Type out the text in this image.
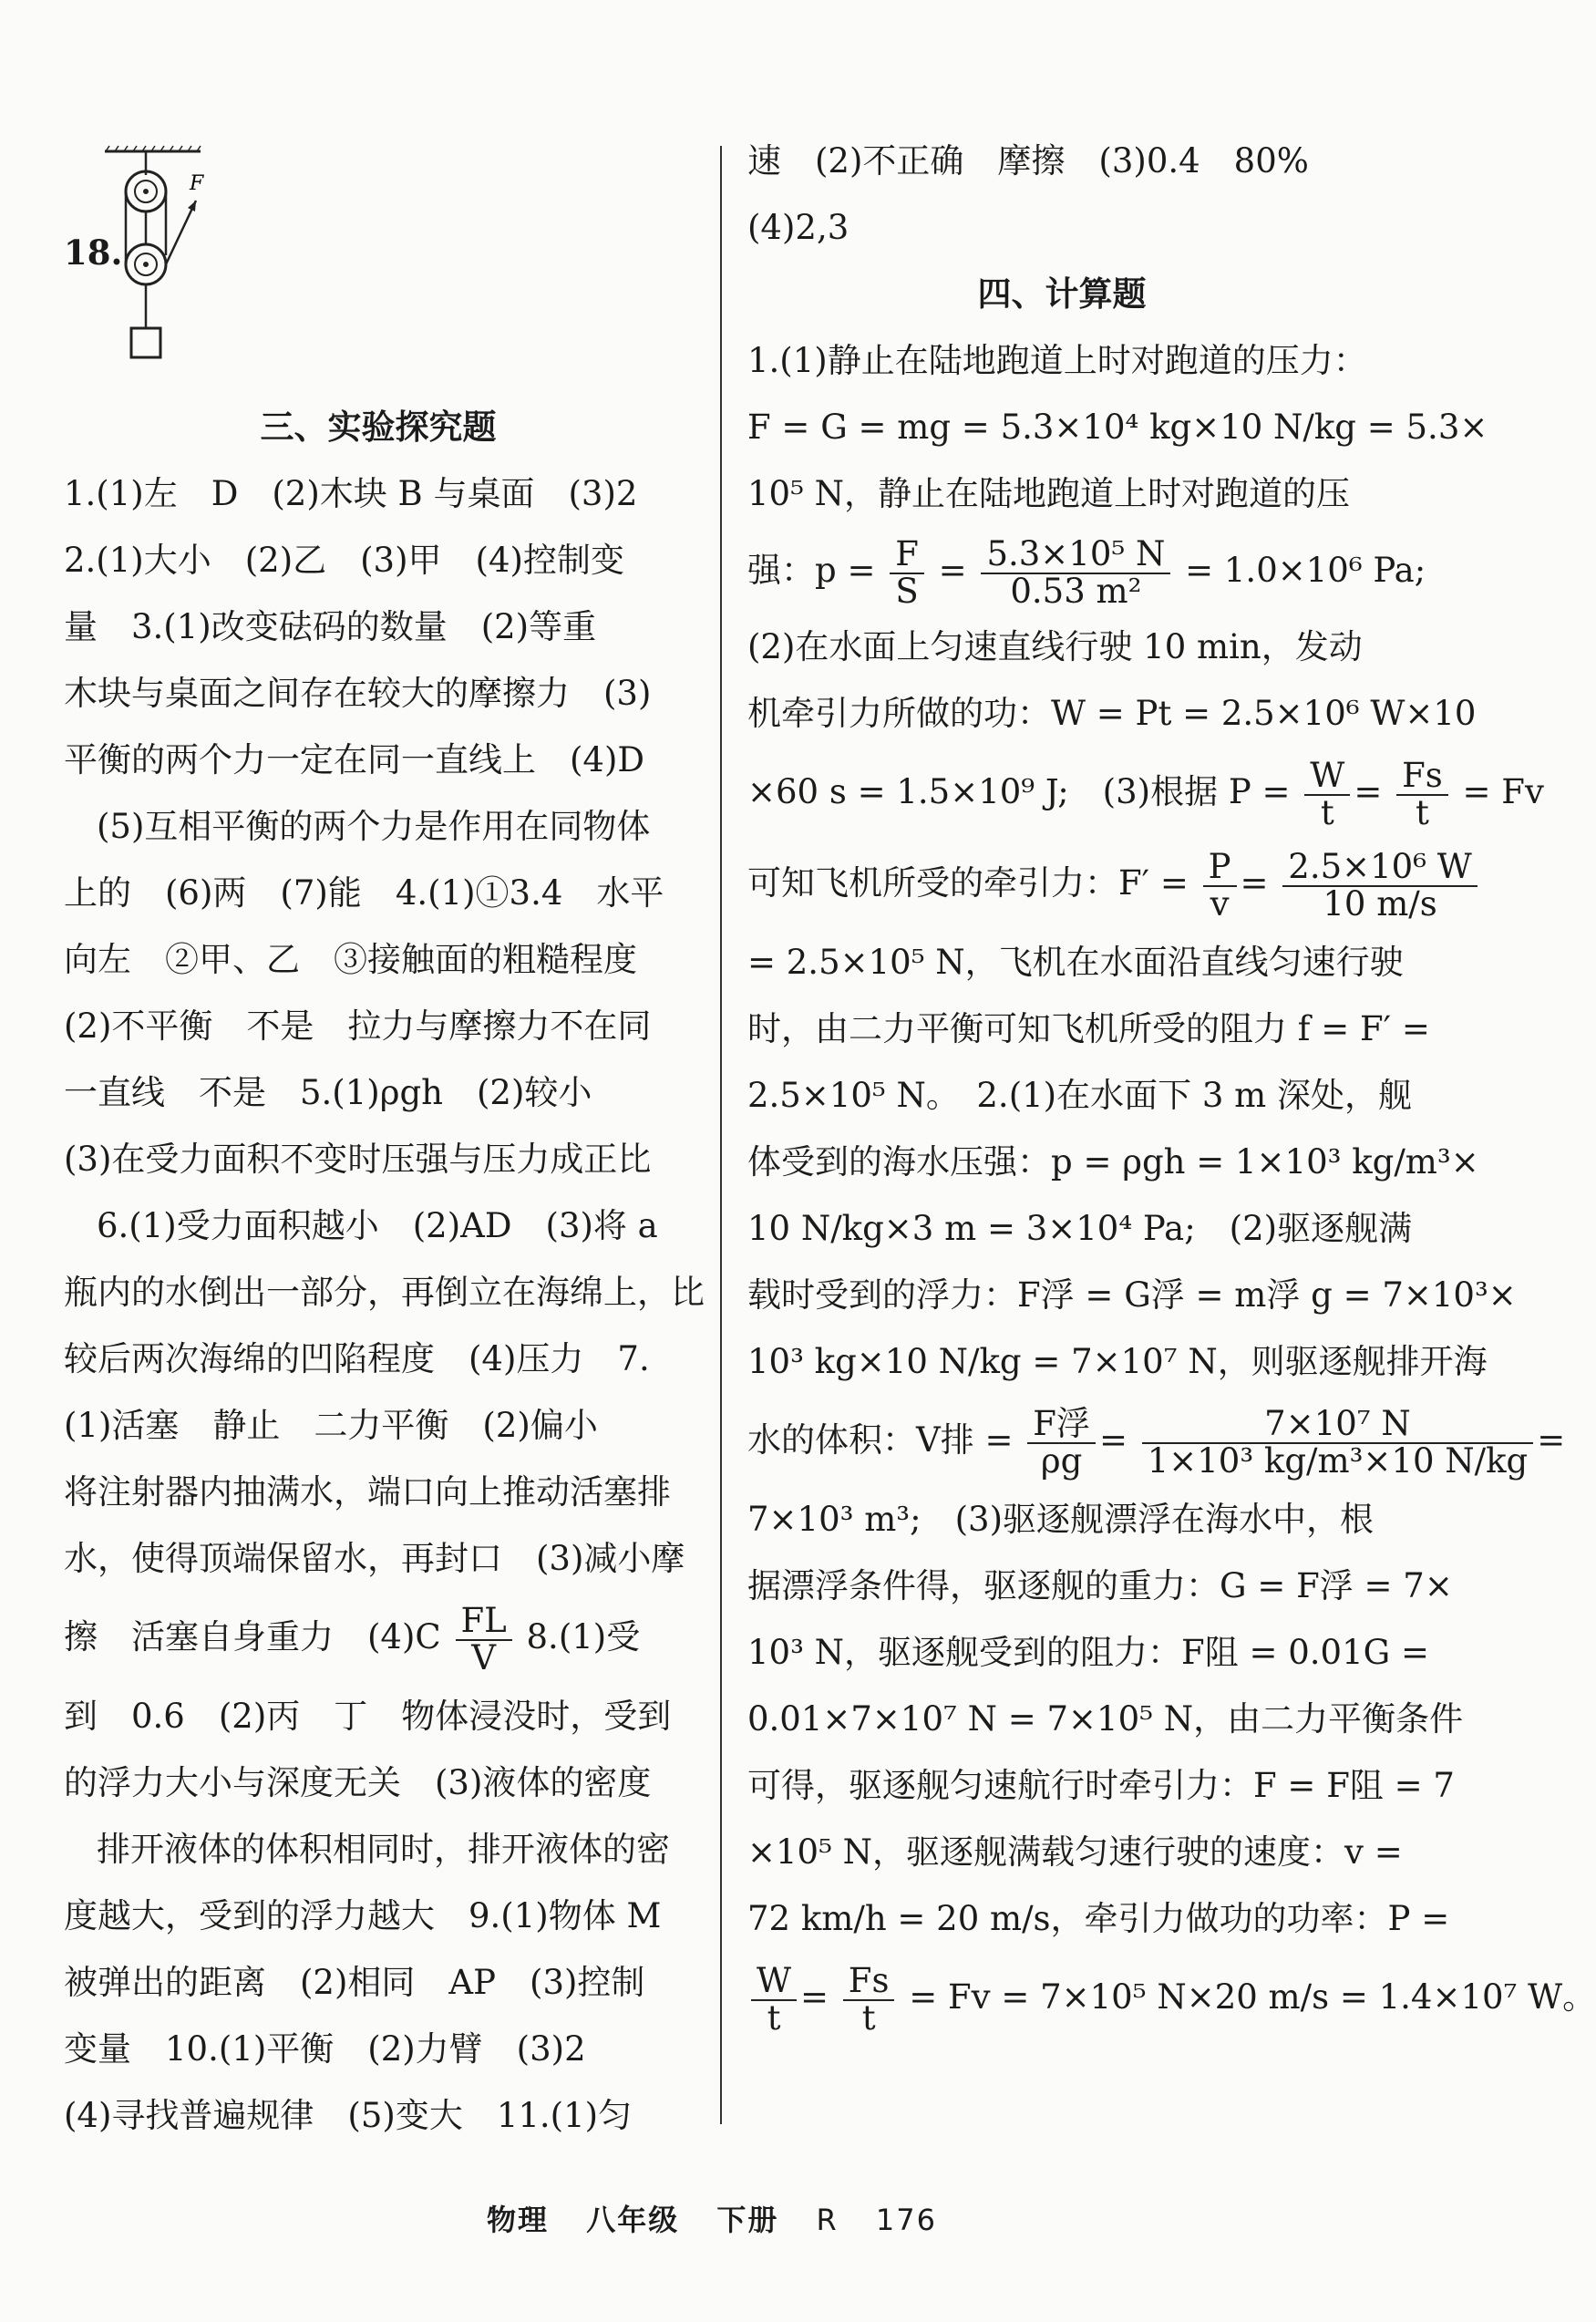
18.
F
三、实验探究题
1.(1)左　D　(2)木块 B 与桌面　(3)2
2.(1)大小　(2)乙　(3)甲　(4)控制变
量　3.(1)改变砝码的数量　(2)等重
木块与桌面之间存在较大的摩擦力　(3)
平衡的两个力一定在同一直线上　(4)D
(5)互相平衡的两个力是作用在同物体
上的　(6)两　(7)能　4.(1)①3.4　水平
向左　②甲、乙　③接触面的粗糙程度
(2)不平衡　不是　拉力与摩擦力不在同
一直线　不是　5.(1)ρgh　(2)较小
(3)在受力面积不变时压强与压力成正比
6.(1)受力面积越小　(2)AD　(3)将 a
瓶内的水倒出一部分，再倒立在海绵上，比
较后两次海绵的凹陷程度　(4)压力　7.
(1)活塞　静止　二力平衡　(2)偏小
将注射器内抽满水，端口向上推动活塞排
水，使得顶端保留水，再封口　(3)减小摩
擦　活塞自身重力　$(4)C \frac{FL}{V} 8.(1)$受
到　0.6　(2)丙　丁　物体浸没时，受到
的浮力大小与深度无关　(3)液体的密度
排开液体的体积相同时，排开液体的密
度越大，受到的浮力越大　9.(1)物体 M
被弹出的距离　(2)相同　AP　(3)控制
变量　10.(1)平衡　(2)力臂　(3)2
(4)寻找普遍规律　(5)变大　11.(1)匀
速　(2)不正确　摩擦　(3)0.4　80%
(4)2,3
四、计算题
1.(1)静止在陆地跑道上时对跑道的压力：
F = G = mg = 5.3×10⁴ kg×10 N/kg = 5.3×
10⁵ N，静止在陆地跑道上时对跑道的压
强：$p = \frac{F}{S} = \frac{\text{5.3×10⁵ N}}{\text{0.53 m²}} = 1.0\times 10^6$ Pa;
(2)在水面上匀速直线行驶 10 min，发动
机牵引力所做的功：W = Pt = 2.5×10⁶ W×10
×60 s = 1.5×10⁹ J;　(3)根据 $P = \frac{W}{t} = \frac{Fs}{t} = Fv$
可知飞机所受的牵引力：$F' = \frac{P}{v} = \frac{\text{2.5×10⁶ W}}{10 m/s}$
= 2.5×10⁵ N，飞机在水面沿直线匀速行驶
时，由二力平衡可知飞机所受的阻力 f = F′ =
2.5×10⁵ N。　2.(1)在水面下 3 m 深处，舰
体受到的海水压强：p = ρgh = 1×10³ kg/m³×
10 N/kg×3 m = 3×10⁴ Pa;　(2)驱逐舰满
载时受到的浮力：F浮 = G浮 = m浮 g = 7×10³×
10³ kg×10 N/kg = 7×10⁷ N，则驱逐舰排开海
水的体积：V排 = $\frac{\text{F浮}}{\rho g} = \frac{\text{7×10⁷ N}}{\text{1×10³ kg/m³×10 N/kg}}$ =
7×10³ m³;　(3)驱逐舰漂浮在海水中，根
据漂浮条件得，驱逐舰的重力：G = F浮 = 7×
10³ N，驱逐舰受到的阻力：F阻 = 0.01G =
0.01×7×10⁷ N = 7×10⁵ N，由二力平衡条件
可得，驱逐舰匀速航行时牵引力：F = F阻 = 7
×10⁵ N，驱逐舰满载匀速行驶的速度：v =
72 km/h = 20 m/s，牵引力做功的功率：P =
$\frac{W}{t} = \frac{Fs}{t} = Fv = 7\times 10^5$ N×20 m/s = 1.4×10⁷ W。
物理 八年级 下册 R 176
